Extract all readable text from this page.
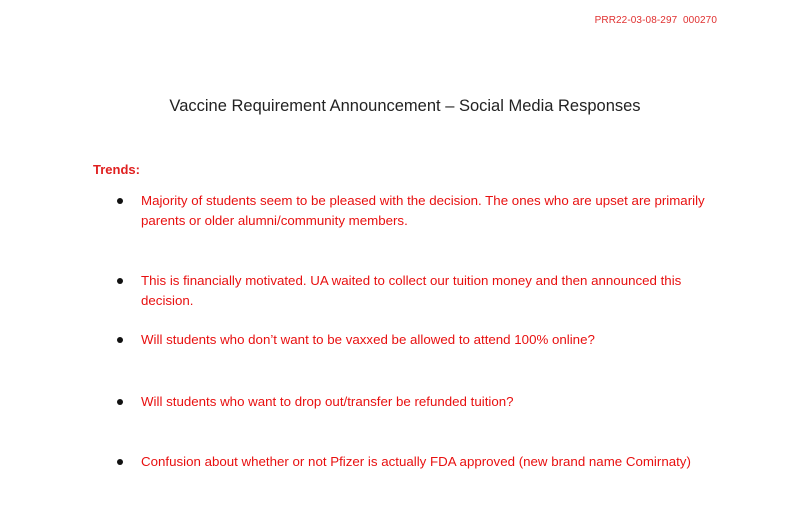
PRR22-03-08-297  000270
Vaccine Requirement Announcement – Social Media Responses
Trends:
Majority of students seem to be pleased with the decision. The ones who are upset are primarily parents or older alumni/community members.
This is financially motivated. UA waited to collect our tuition money and then announced this decision.
Will students who don’t want to be vaxxed be allowed to attend 100% online?
Will students who want to drop out/transfer be refunded tuition?
Confusion about whether or not Pfizer is actually FDA approved (new brand name Comirnaty)
